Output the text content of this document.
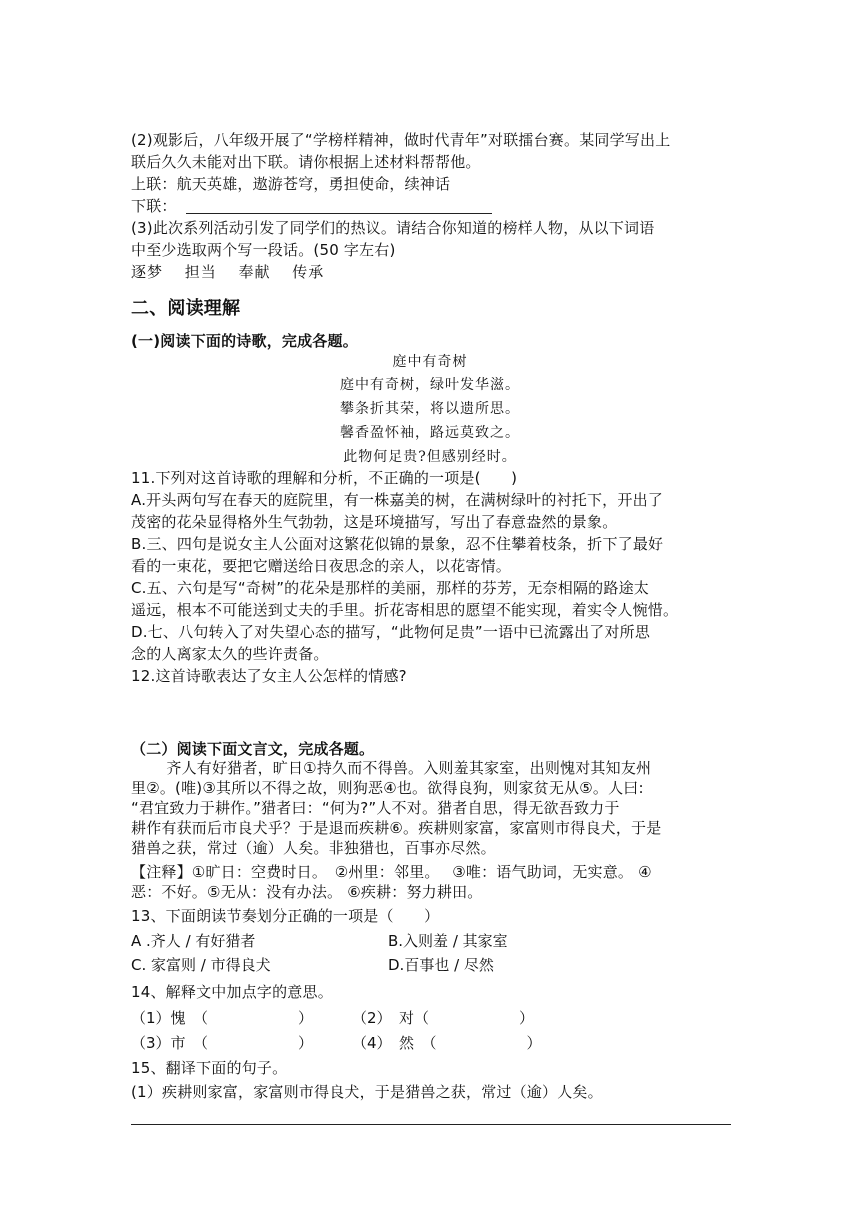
(2)观影后，八年级开展了“学榜样精神，做时代青年”对联擂台赛。某同学写出上
联后久久未能对出下联。请你根据上述材料帮帮他。
上联：航天英雄，遨游苍穹，勇担使命，续神话
下联：
(3)此次系列活动引发了同学们的热议。请结合你知道的榜样人物，从以下词语
中至少选取两个写一段话。(50 字左右)
逐梦　 担当　 奉献　 传承
二、阅读理解
(一)阅读下面的诗歌，完成各题。
庭中有奇树
庭中有奇树，绿叶发华滋。
攀条折其荣，将以遗所思。
馨香盈怀袖，路远莫致之。
此物何足贵?但感别经时。
11.下列对这首诗歌的理解和分析，不正确的一项是(　　)
A.开头两句写在春天的庭院里，有一株嘉美的树，在满树绿叶的衬托下，开出了
茂密的花朵显得格外生气勃勃，这是环境描写，写出了春意盎然的景象。
B.三、四句是说女主人公面对这繁花似锦的景象，忍不住攀着枝条，折下了最好
看的一束花，要把它赠送给日夜思念的亲人，以花寄情。
C.五、六句是写“奇树”的花朵是那样的美丽，那样的芬芳，无奈相隔的路途太
遥远，根本不可能送到丈夫的手里。折花寄相思的愿望不能实现，着实令人惋惜。
D.七、八句转入了对失望心态的描写，“此物何足贵”一语中已流露出了对所思
念的人离家太久的些许责备。
12.这首诗歌表达了女主人公怎样的情感?
（二）阅读下面文言文，完成各题。
　　 齐人有好猎者，旷日①持久而不得兽。入则羞其家室，出则愧对其知友州
里②。(唯)③其所以不得之故，则狗恶④也。欲得良狗，则家贫无从⑤。人曰:
“君宜致力于耕作。”猎者曰：“何为?”人不对。猎者自思，得无欲吾致力于
耕作有获而后市良犬乎？于是退而疾耕⑥。疾耕则家富，家富则市得良犬，于是
猎兽之获，常过（逾）人矣。非独猎也，百事亦尽然。
【注释】①旷日：空费时日。　②州里：邻里。　 ③唯：语气助词，无实意。 ④
恶：不好。⑤无从：没有办法。 ⑥疾耕：努力耕田。
13、下面朗读节奏划分正确的一项是（　　）
A .齐人 / 有好猎者	B.入则羞 / 其家室
C. 家富则 / 市得良犬	D.百事也 / 尽然
14、解释文中加点字的意思。
（1）愧　（　　　　　　）	（2）　对（　　　　　　）
（3）市　（　　　　　　）	（4）　然　（　　　　　　）
15、翻译下面的句子。
(1）疾耕则家富，家富则市得良犬，于是猎兽之获，常过（逾）人矣。
